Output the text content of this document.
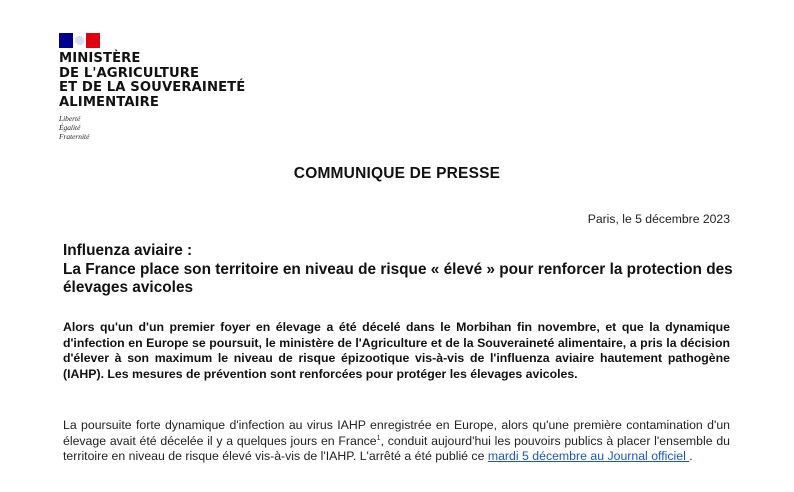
MINISTÈRE
DE L'AGRICULTURE
ET DE LA SOUVERAINETÉ
ALIMENTAIRE
Liberté
Égalité
Fraternité
COMMUNIQUE DE PRESSE
Paris, le 5 décembre 2023
Influenza aviaire :
La France place son territoire en niveau de risque « élevé » pour renforcer la protection des élevages avicoles
Alors qu'un d'un premier foyer en élevage a été décelé dans le Morbihan fin novembre, et que la dynamique d'infection en Europe se poursuit, le ministère de l'Agriculture et de la Souveraineté alimentaire, a pris la décision d'élever à son maximum le niveau de risque épizootique vis-à-vis de l'influenza aviaire hautement pathogène (IAHP). Les mesures de prévention sont renforcées pour protéger les élevages avicoles.
La poursuite forte dynamique d'infection au virus IAHP enregistrée en Europe, alors qu'une première contamination d'un élevage avait été décelée il y a quelques jours en France$^1$, conduit aujourd'hui les pouvoirs publics à placer l'ensemble du territoire en niveau de risque élevé vis-à-vis de l'IAHP. L'arrêté a été publié ce mardi 5 décembre au Journal officiel .
